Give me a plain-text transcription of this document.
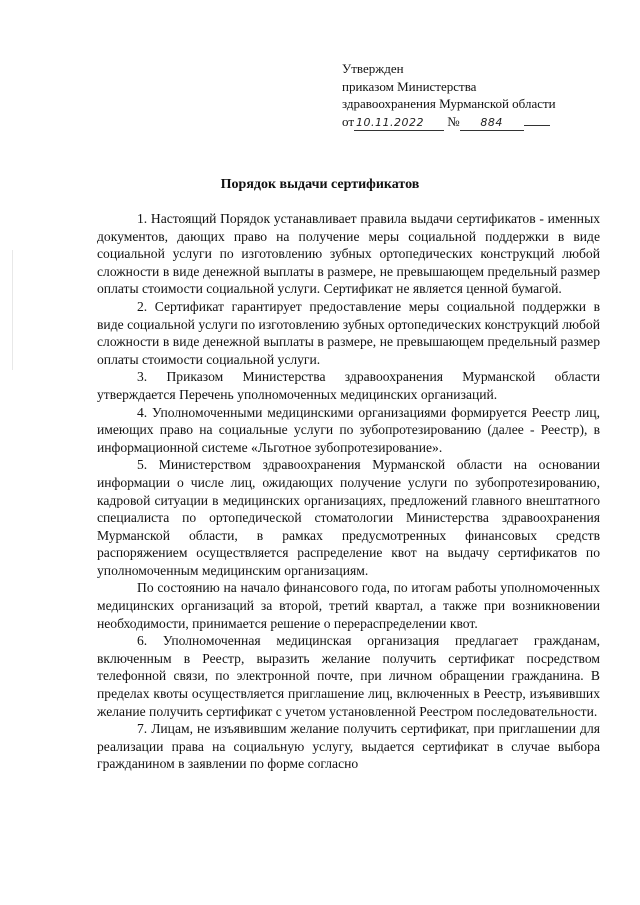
Утвержден
приказом Министерства
здравоохранения Мурманской области
от 10.11.2022 № 884
Порядок выдачи сертификатов

1. Настоящий Порядок устанавливает правила выдачи сертификатов - именных документов, дающих право на получение меры социальной поддержки в виде социальной услуги по изготовлению зубных ортопедических конструкций любой сложности в виде денежной выплаты в размере, не превышающем предельный размер оплаты стоимости социальной услуги. Сертификат не является ценной бумагой.

2. Сертификат гарантирует предоставление меры социальной поддержки в виде социальной услуги по изготовлению зубных ортопедических конструкций любой сложности в виде денежной выплаты в размере, не превышающем предельный размер оплаты стоимости социальной услуги.

3. Приказом Министерства здравоохранения Мурманской области утверждается Перечень уполномоченных медицинских организаций.

4. Уполномоченными медицинскими организациями формируется Реестр лиц, имеющих право на социальные услуги по зубопротезированию (далее - Реестр), в информационной системе «Льготное зубопротезирование».

5. Министерством здравоохранения Мурманской области на основании информации о числе лиц, ожидающих получение услуги по зубопротезированию, кадровой ситуации в медицинских организациях, предложений главного внештатного специалиста по ортопедической стоматологии Министерства здравоохранения Мурманской области, в рамках предусмотренных финансовых средств распоряжением осуществляется распределение квот на выдачу сертификатов по уполномоченным медицинским организациям.

По состоянию на начало финансового года, по итогам работы уполномоченных медицинских организаций за второй, третий квартал, а также при возникновении необходимости, принимается решение о перераспределении квот.

6. Уполномоченная медицинская организация предлагает гражданам, включенным в Реестр, выразить желание получить сертификат посредством телефонной связи, по электронной почте, при личном обращении гражданина. В пределах квоты осуществляется приглашение лиц, включенных в Реестр, изъявивших желание получить сертификат с учетом установленной Реестром последовательности.

7. Лицам, не изъявившим желание получить сертификат, при приглашении для реализации права на социальную услугу, выдается сертификат в случае выбора гражданином в заявлении по форме согласно
